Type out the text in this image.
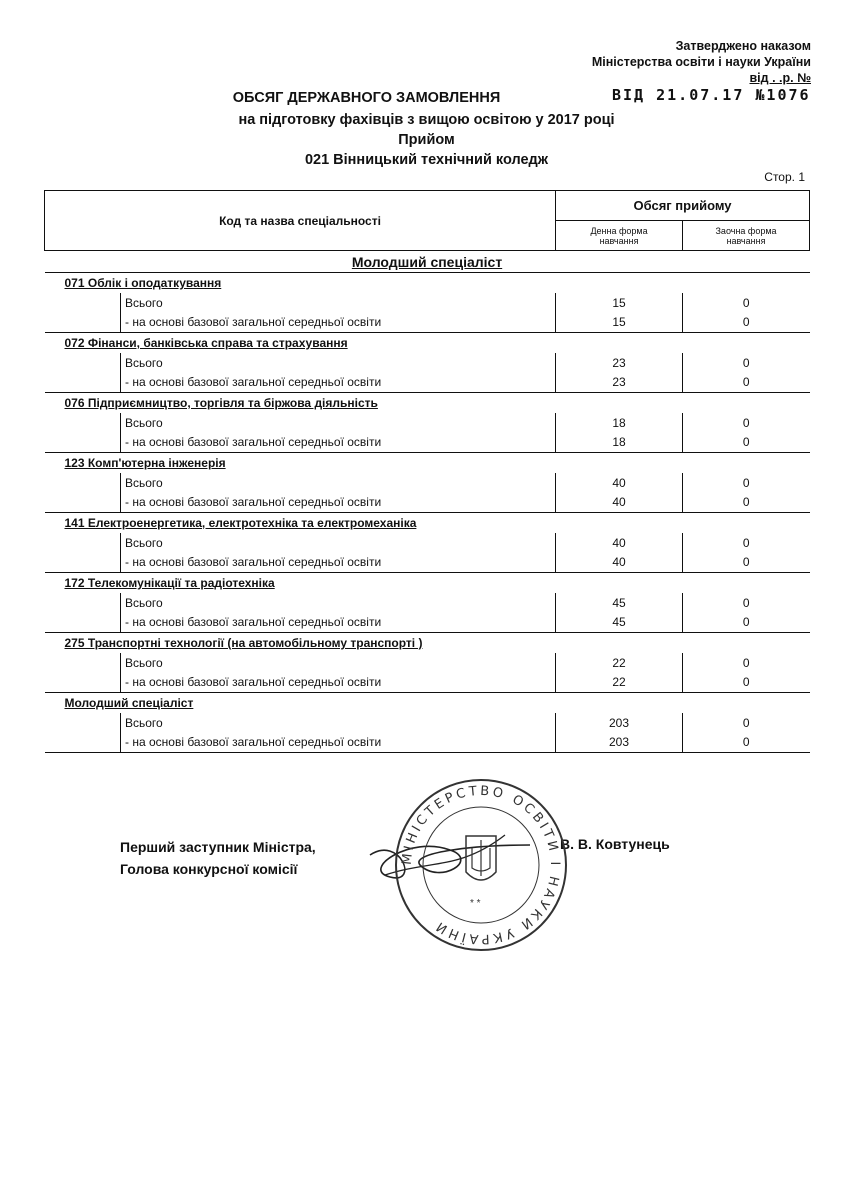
Затверджено наказом
Міністерства освіти і науки України
від . .р. №
ВІД 21.07.17 №1076
ОБСЯГ ДЕРЖАВНОГО ЗАМОВЛЕННЯ
на підготовку фахівців з вищою освітою у 2017 році
Прийом
021 Вінницький технічний коледж
Стор. 1
Код та назва спеціальності		Обсяг прийому	
		Денна форма навчання	Заочна форма навчання
Молодший спеціаліст			
071 Облік і оподаткування			
	Всього	15	0
	- на основі базової загальної середньої освіти	15	0
072 Фінанси, банківська справа та страхування			
	Всього	23	0
	- на основі базової загальної середньої освіти	23	0
076 Підприємництво, торгівля та біржова діяльність			
	Всього	18	0
	- на основі базової загальної середньої освіти	18	0
123 Комп'ютерна інженерія			
	Всього	40	0
	- на основі базової загальної середньої освіти	40	0
141 Електроенергетика, електротехніка та електромеханіка			
	Всього	40	0
	- на основі базової загальної середньої освіти	40	0
172 Телекомунікації та радіотехніка			
	Всього	45	0
	- на основі базової загальної середньої освіти	45	0
275 Транспортні технології (на автомобільному транспорті )			
	Всього	22	0
	- на основі базової загальної середньої освіти	22	0
Молодший спеціаліст			
	Всього	203	0
	- на основі базової загальної середньої освіти	203	0
Перший заступник Міністра,
Голова конкурсної комісії
В. В. Ковтунець
МІНІСТЕРСТВО ОСВІТИ І НАУКИ УКРАЇНИ
* *
